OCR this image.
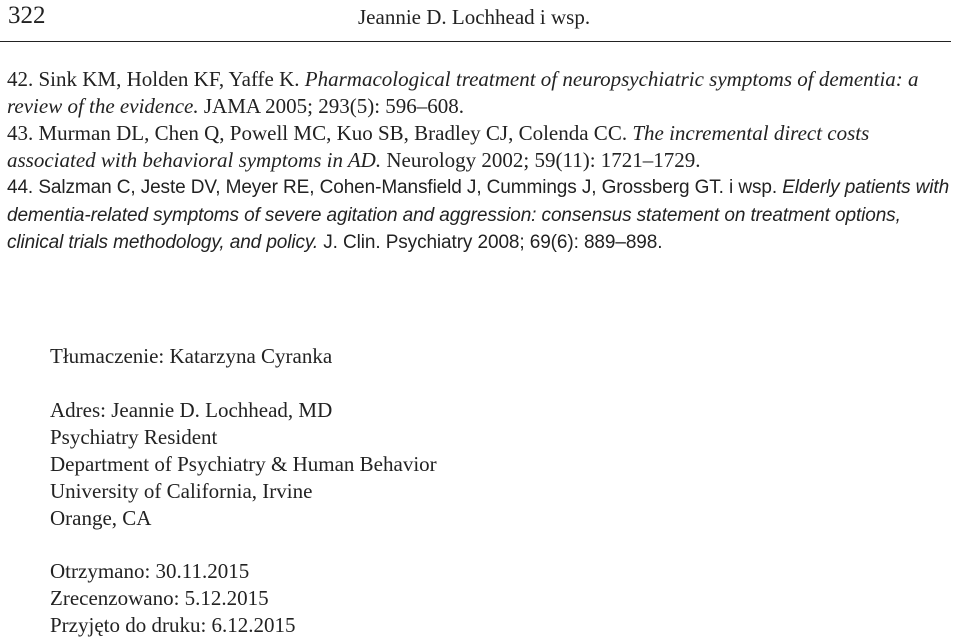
322	Jeannie D. Lochhead i wsp.
42. Sink KM, Holden KF, Yaffe K. Pharmacological treatment of neuropsychiatric symptoms of dementia: a review of the evidence. JAMA 2005; 293(5): 596–608.
43. Murman DL, Chen Q, Powell MC, Kuo SB, Bradley CJ, Colenda CC. The incremental direct costs associated with behavioral symptoms in AD. Neurology 2002; 59(11): 1721–1729.
44. Salzman C, Jeste DV, Meyer RE, Cohen-Mansfield J, Cummings J, Grossberg GT. i wsp. Elderly patients with dementia-related symptoms of severe agitation and aggression: consensus statement on treatment options, clinical trials methodology, and policy. J. Clin. Psychiatry 2008; 69(6): 889–898.
Tłumaczenie: Katarzyna Cyranka
Adres: Jeannie D. Lochhead, MD
Psychiatry Resident
Department of Psychiatry & Human Behavior
University of California, Irvine
Orange, CA
Otrzymano: 30.11.2015
Zrecenzowano: 5.12.2015
Przyjęto do druku: 6.12.2015
